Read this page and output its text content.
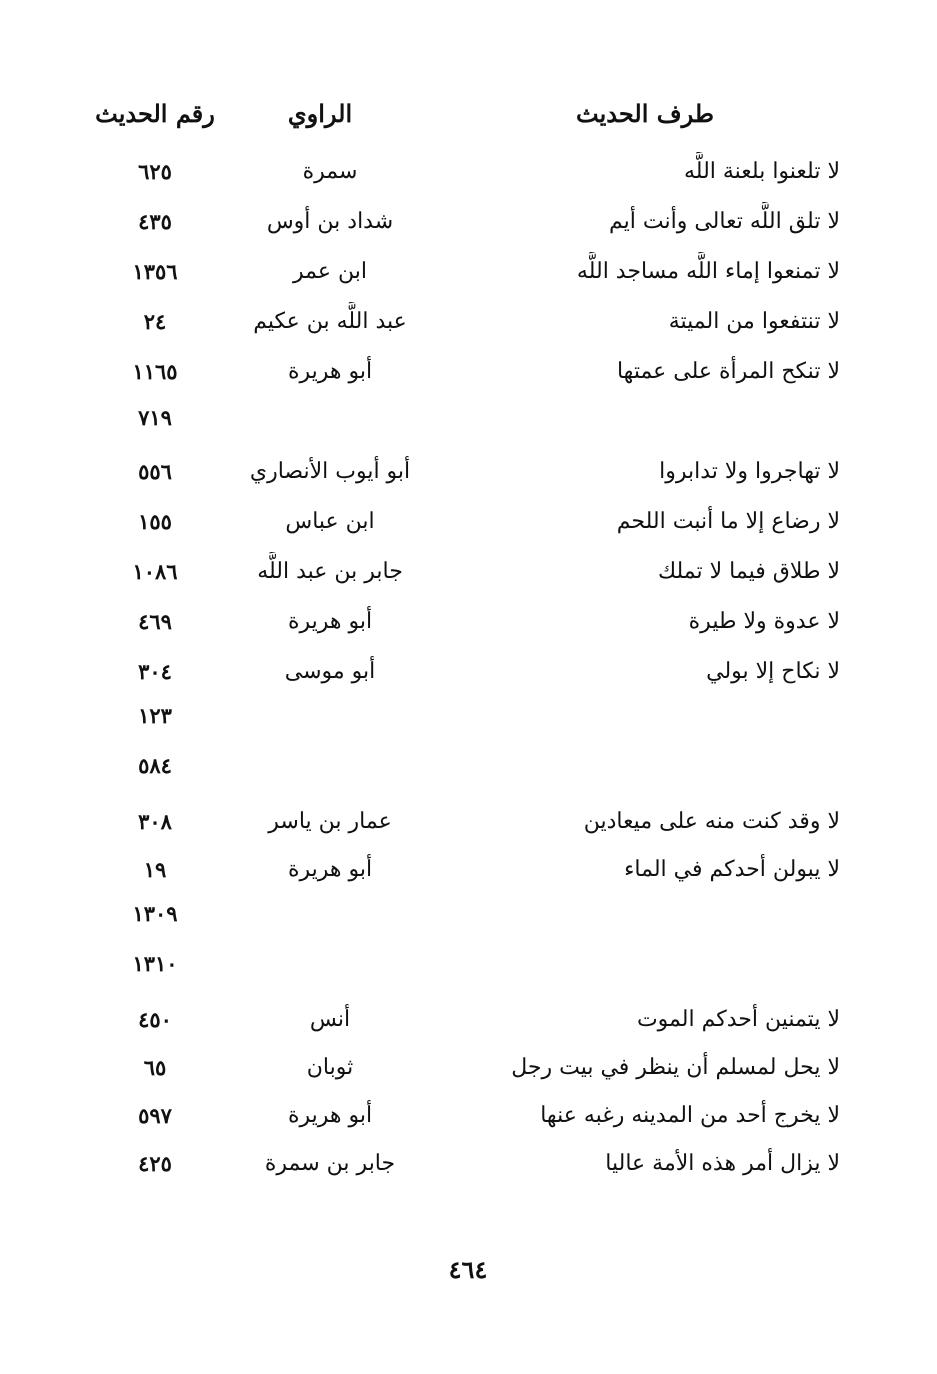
طرف الحديث
الراوي
رقم الحديث
لا تلعنوا بلعنة اللَّه
سمرة
٦٢٥
لا تلق اللَّه تعالى وأنت أيم
شداد بن أوس
٤٣٥
لا تمنعوا إماء اللَّه مساجد اللَّه
ابن عمر
١٣٥٦
لا تنتفعوا من الميتة
عبد اللَّه بن عكيم
٢٤
لا تنكح المرأة على عمتها
أبو هريرة
١١٦٥
٧١٩
لا تهاجروا ولا تدابروا
أبو أيوب الأنصاري
٥٥٦
لا رضاع إلا ما أنبت اللحم
ابن عباس
١٥٥
لا طلاق فيما لا تملك
جابر بن عبد اللَّه
١٠٨٦
لا عدوة ولا طيرة
أبو هريرة
٤٦٩
لا نكاح إلا بولي
أبو موسى
٣٠٤
١٢٣
٥٨٤
لا وقد كنت منه على ميعادين
عمار بن ياسر
٣٠٨
لا يبولن أحدكم في الماء
أبو هريرة
١٩
١٣٠٩
١٣١٠
لا يتمنين أحدكم الموت
أنس
٤٥٠
لا يحل لمسلم أن ينظر في بيت رجل
ثوبان
٦٥
لا يخرج أحد من المدينه رغبه عنها
أبو هريرة
٥٩٧
لا يزال أمر هذه الأمة عاليا
جابر بن سمرة
٤٢٥
٤٦٤
